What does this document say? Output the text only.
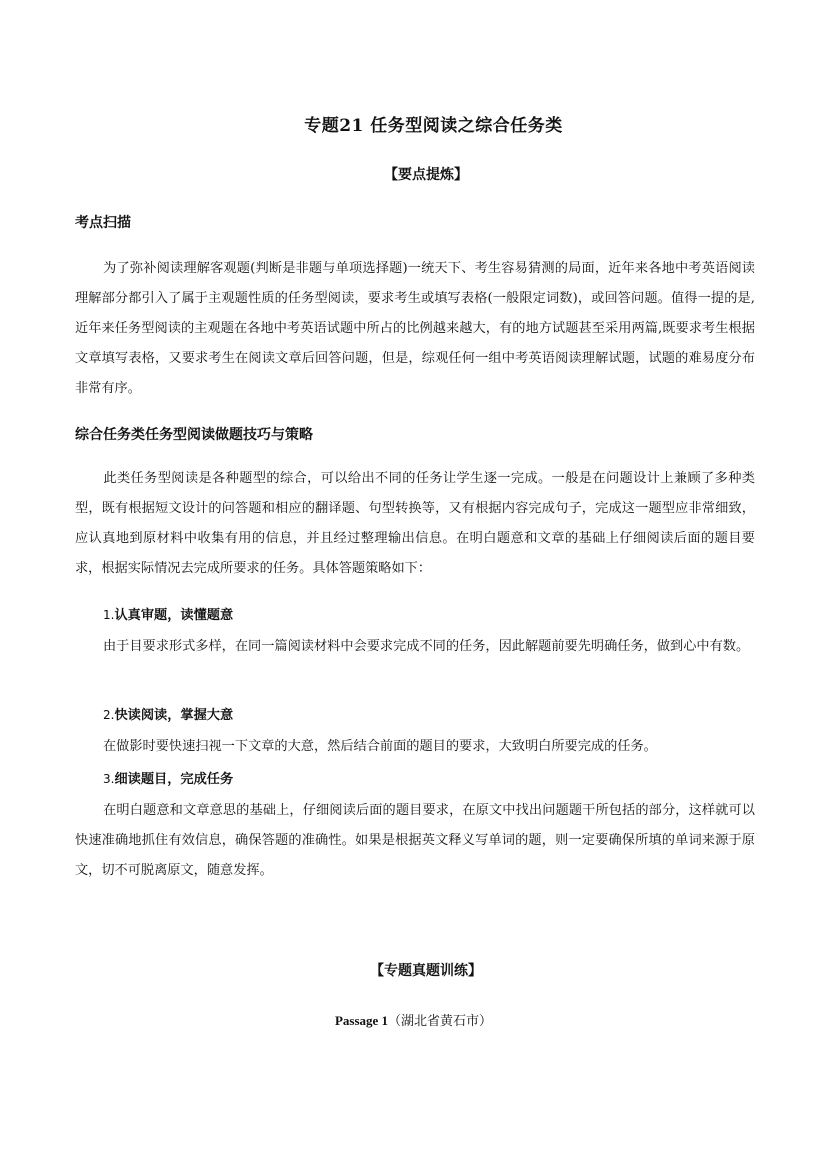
专题21 任务型阅读之综合任务类
【要点提炼】
考点扫描
为了弥补阅读理解客观题(判断是非题与单项选择题)一统天下、考生容易猜测的局面，近年来各地中考英语阅读理解部分都引入了属于主观题性质的任务型阅读，要求考生或填写表格(一般限定词数)，或回答问题。值得一提的是,近年来任务型阅读的主观题在各地中考英语试题中所占的比例越来越大，有的地方试题甚至采用两篇,既要求考生根据文章填写表格，又要求考生在阅读文章后回答问题，但是，综观任何一组中考英语阅读理解试题，试题的难易度分布非常有序。
综合任务类任务型阅读做题技巧与策略
此类任务型阅读是各种题型的综合，可以给出不同的任务让学生逐一完成。一般是在问题设计上兼顾了多种类型，既有根据短文设计的问答题和相应的翻译题、句型转换等，又有根据内容完成句子，完成这一题型应非常细致，应认真地到原材料中收集有用的信息，并且经过整理输出信息。在明白题意和文章的基础上仔细阅读后面的题目要求，根据实际情况去完成所要求的任务。具体答题策略如下：
1.认真审题，读懂题意
由于目要求形式多样，在同一篇阅读材料中会要求完成不同的任务，因此解题前要先明确任务，做到心中有数。
2.快读阅读，掌握大意
在做影时要快速扫视一下文章的大意，然后结合前面的题目的要求，大致明白所要完成的任务。
3.细读题目，完成任务
在明白题意和文章意思的基础上，仔细阅读后面的题目要求，在原文中找出问题题干所包括的部分，这样就可以快速准确地抓住有效信息，确保答题的准确性。如果是根据英文释义写单词的题，则一定要确保所填的单词来源于原文，切不可脱离原文，随意发挥。
【专题真题训练】
Passage 1（湖北省黄石市）
